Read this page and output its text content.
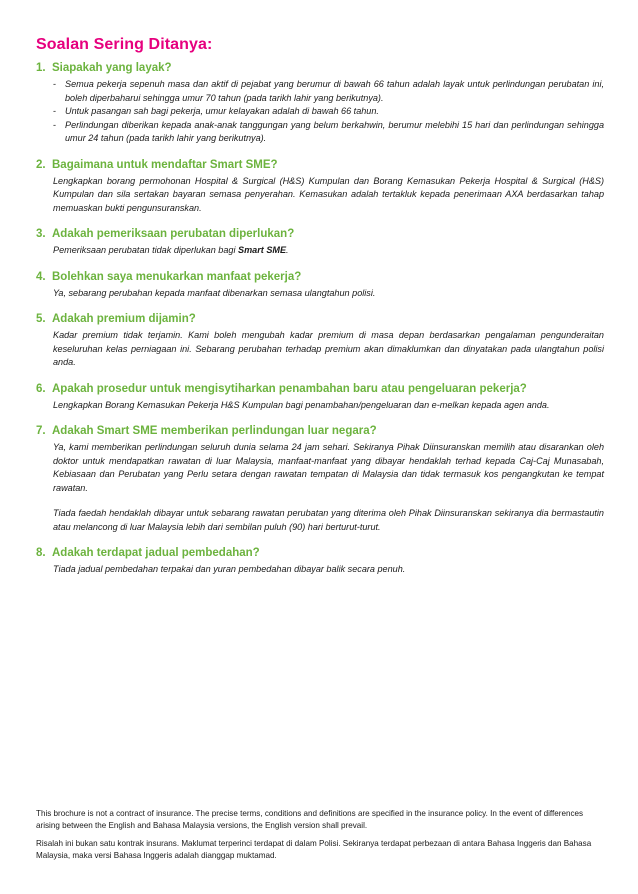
Soalan Sering Ditanya:
1. Siapakah yang layak?
- Semua pekerja sepenuh masa dan aktif di pejabat yang berumur di bawah 66 tahun adalah layak untuk perlindungan perubatan ini, boleh diperbaharui sehingga umur 70 tahun (pada tarikh lahir yang berikutnya).
- Untuk pasangan sah bagi pekerja, umur kelayakan adalah di bawah 66 tahun.
- Perlindungan diberikan kepada anak-anak tanggungan yang belum berkahwin, berumur melebihi 15 hari dan perlindungan sehingga umur 24 tahun (pada tarikh lahir yang berikutnya).
2. Bagaimana untuk mendaftar Smart SME?

Lengkapkan borang permohonan Hospital & Surgical (H&S) Kumpulan dan Borang Kemasukan Pekerja Hospital & Surgical (H&S) Kumpulan dan sila sertakan bayaran semasa penyerahan. Kemasukan adalah tertakluk kepada penerimaan AXA berdasarkan tahap memuaskan bukti pengunsuranskan.

3. Adakah pemeriksaan perubatan diperlukan?

Pemeriksaan perubatan tidak diperlukan bagi Smart SME.

4. Bolehkan saya menukarkan manfaat pekerja?

Ya, sebarang perubahan kepada manfaat dibenarkan semasa ulangtahun polisi.

5. Adakah premium dijamin?

Kadar premium tidak terjamin. Kami boleh mengubah kadar premium di masa depan berdasarkan pengalaman pengunderaitan keseluruhan kelas perniagaan ini. Sebarang perubahan terhadap premium akan dimaklumkan dan dinyatakan pada ulangtahun polisi anda.

6. Apakah prosedur untuk mengisytiharkan penambahan baru atau pengeluaran pekerja?

Lengkapkan Borang Kemasukan Pekerja H&S Kumpulan bagi penambahan/pengeluaran dan e-melkan kepada agen anda.

7. Adakah Smart SME memberikan perlindungan luar negara?

Ya, kami memberikan perlindungan seluruh dunia selama 24 jam sehari. Sekiranya Pihak Diinsuranskan memilih atau disarankan oleh doktor untuk mendapatkan rawatan di luar Malaysia, manfaat-manfaat yang dibayar hendaklah terhad kepada Caj-Caj Munasabah, Kebiasaan dan Perubatan yang Perlu setara dengan rawatan tempatan di Malaysia dan tidak termasuk kos pengangkutan ke tempat rawatan.

Tiada faedah hendaklah dibayar untuk sebarang rawatan perubatan yang diterima oleh Pihak Diinsuranskan sekiranya dia bermastautin atau melancong di luar Malaysia lebih dari sembilan puluh (90) hari berturut-turut.

8. Adakah terdapat jadual pembedahan?

Tiada jadual pembedahan terpakai dan yuran pembedahan dibayar balik secara penuh.

This brochure is not a contract of insurance. The precise terms, conditions and definitions are specified in the insurance policy. In the event of differences arising between the English and Bahasa Malaysia versions, the English version shall prevail.

Risalah ini bukan satu kontrak insurans. Maklumat terperinci terdapat di dalam Polisi. Sekiranya terdapat perbezaan di antara Bahasa Inggeris dan Bahasa Malaysia, maka versi Bahasa Inggeris adalah dianggap muktamad.
